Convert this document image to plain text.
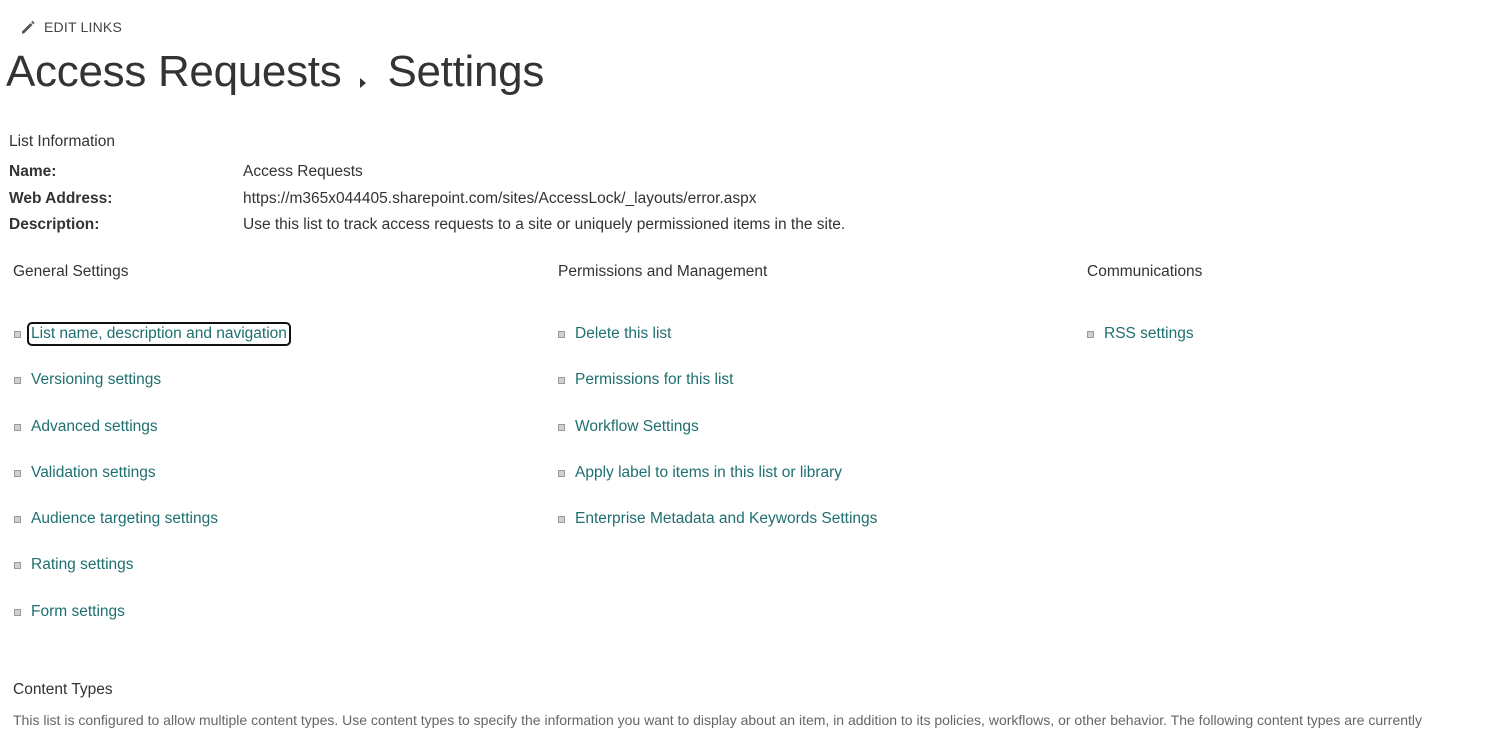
EDIT LINKS
Access Requests Settings
List Information
Name:	Access Requests
Web Address:	https://m365x044405.sharepoint.com/sites/AccessLock/_layouts/error.aspx
Description:	Use this list to track access requests to a site or uniquely permissioned items in the site.
General Settings
List name, description and navigation
Versioning settings
Advanced settings
Validation settings
Audience targeting settings
Rating settings
Form settings
Permissions and Management
Delete this list
Permissions for this list
Workflow Settings
Apply label to items in this list or library
Enterprise Metadata and Keywords Settings
Communications
RSS settings
Content Types
This list is configured to allow multiple content types. Use content types to specify the information you want to display about an item, in addition to its policies, workflows, or other behavior. The following content types are currently
